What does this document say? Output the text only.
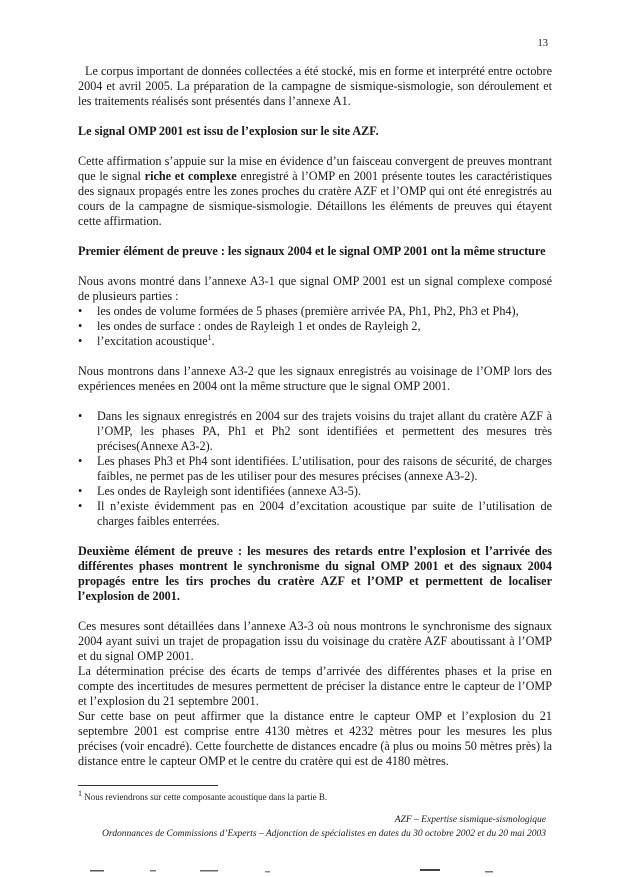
13

Le corpus important de données collectées a été stocké, mis en forme et interprété entre octobre 2004 et avril 2005. La préparation de la campagne de sismique-sismologie, son déroulement et les traitements réalisés sont présentés dans l’annexe A1.

Le signal OMP 2001 est issu de l’explosion sur le site AZF.

Cette affirmation s’appuie sur la mise en évidence d’un faisceau convergent de preuves montrant que le signal riche et complexe enregistré à l’OMP en 2001 présente toutes les caractéristiques des signaux propagés entre les zones proches du cratère AZF et l’OMP qui ont été enregistrés au cours de la campagne de sismique-sismologie. Détaillons les éléments de preuves qui étayent cette affirmation.

Premier élément de preuve : les signaux 2004 et le signal OMP 2001 ont la même structure

Nous avons montré dans l’annexe A3-1 que signal OMP 2001 est un signal complexe composé de plusieurs parties :

• les ondes de volume formées de 5 phases (première arrivée PA, Ph1, Ph2, Ph3 et Ph4),
• les ondes de surface : ondes de Rayleigh 1 et ondes de Rayleigh 2,
• l’excitation acoustique$^1$.

Nous montrons dans l’annexe A3-2 que les signaux enregistrés au voisinage de l’OMP lors des expériences menées en 2004 ont la même structure que le signal OMP 2001.

• Dans les signaux enregistrés en 2004 sur des trajets voisins du trajet allant du cratère AZF à l’OMP, les phases PA, Ph1 et Ph2 sont identifiées et permettent des mesures très précises(Annexe A3-2).
• Les phases Ph3 et Ph4 sont identifiées. L’utilisation, pour des raisons de sécurité, de charges faibles, ne permet pas de les utiliser pour des mesures précises (annexe A3-2).
• Les ondes de Rayleigh sont identifiées (annexe A3-5).
• Il n’existe évidemment pas en 2004 d’excitation acoustique par suite de l’utilisation de charges faibles enterrées.

Deuxième élément de preuve : les mesures des retards entre l’explosion et l’arrivée des différentes phases montrent le synchronisme du signal OMP 2001 et des signaux 2004 propagés entre les tirs proches du cratère AZF et l’OMP et permettent de localiser l’explosion de 2001.

Ces mesures sont détaillées dans l’annexe A3-3 où nous montrons le synchronisme des signaux 2004 ayant suivi un trajet de propagation issu du voisinage du cratère AZF aboutissant à l’OMP et du signal OMP 2001.

La détermination précise des écarts de temps d’arrivée des différentes phases et la prise en compte des incertitudes de mesures permettent de préciser la distance entre le capteur de l’OMP et l’explosion du 21 septembre 2001.

Sur cette base on peut affirmer que la distance entre le capteur OMP et l’explosion du 21 septembre 2001 est comprise entre 4130 mètres et 4232 mètres pour les mesures les plus précises (voir encadré). Cette fourchette de distances encadre (à plus ou moins 50 mètres près) la distance entre le capteur OMP et le centre du cratère qui est de 4180 mètres.

$^1$ Nous reviendrons sur cette composante acoustique dans la partie B.
AZF – Expertise sismique-sismologique
Ordonnances de Commissions d’Experts – Adjonction de spécialistes en dates du 30 octobre 2002 et du 20 mai 2003
